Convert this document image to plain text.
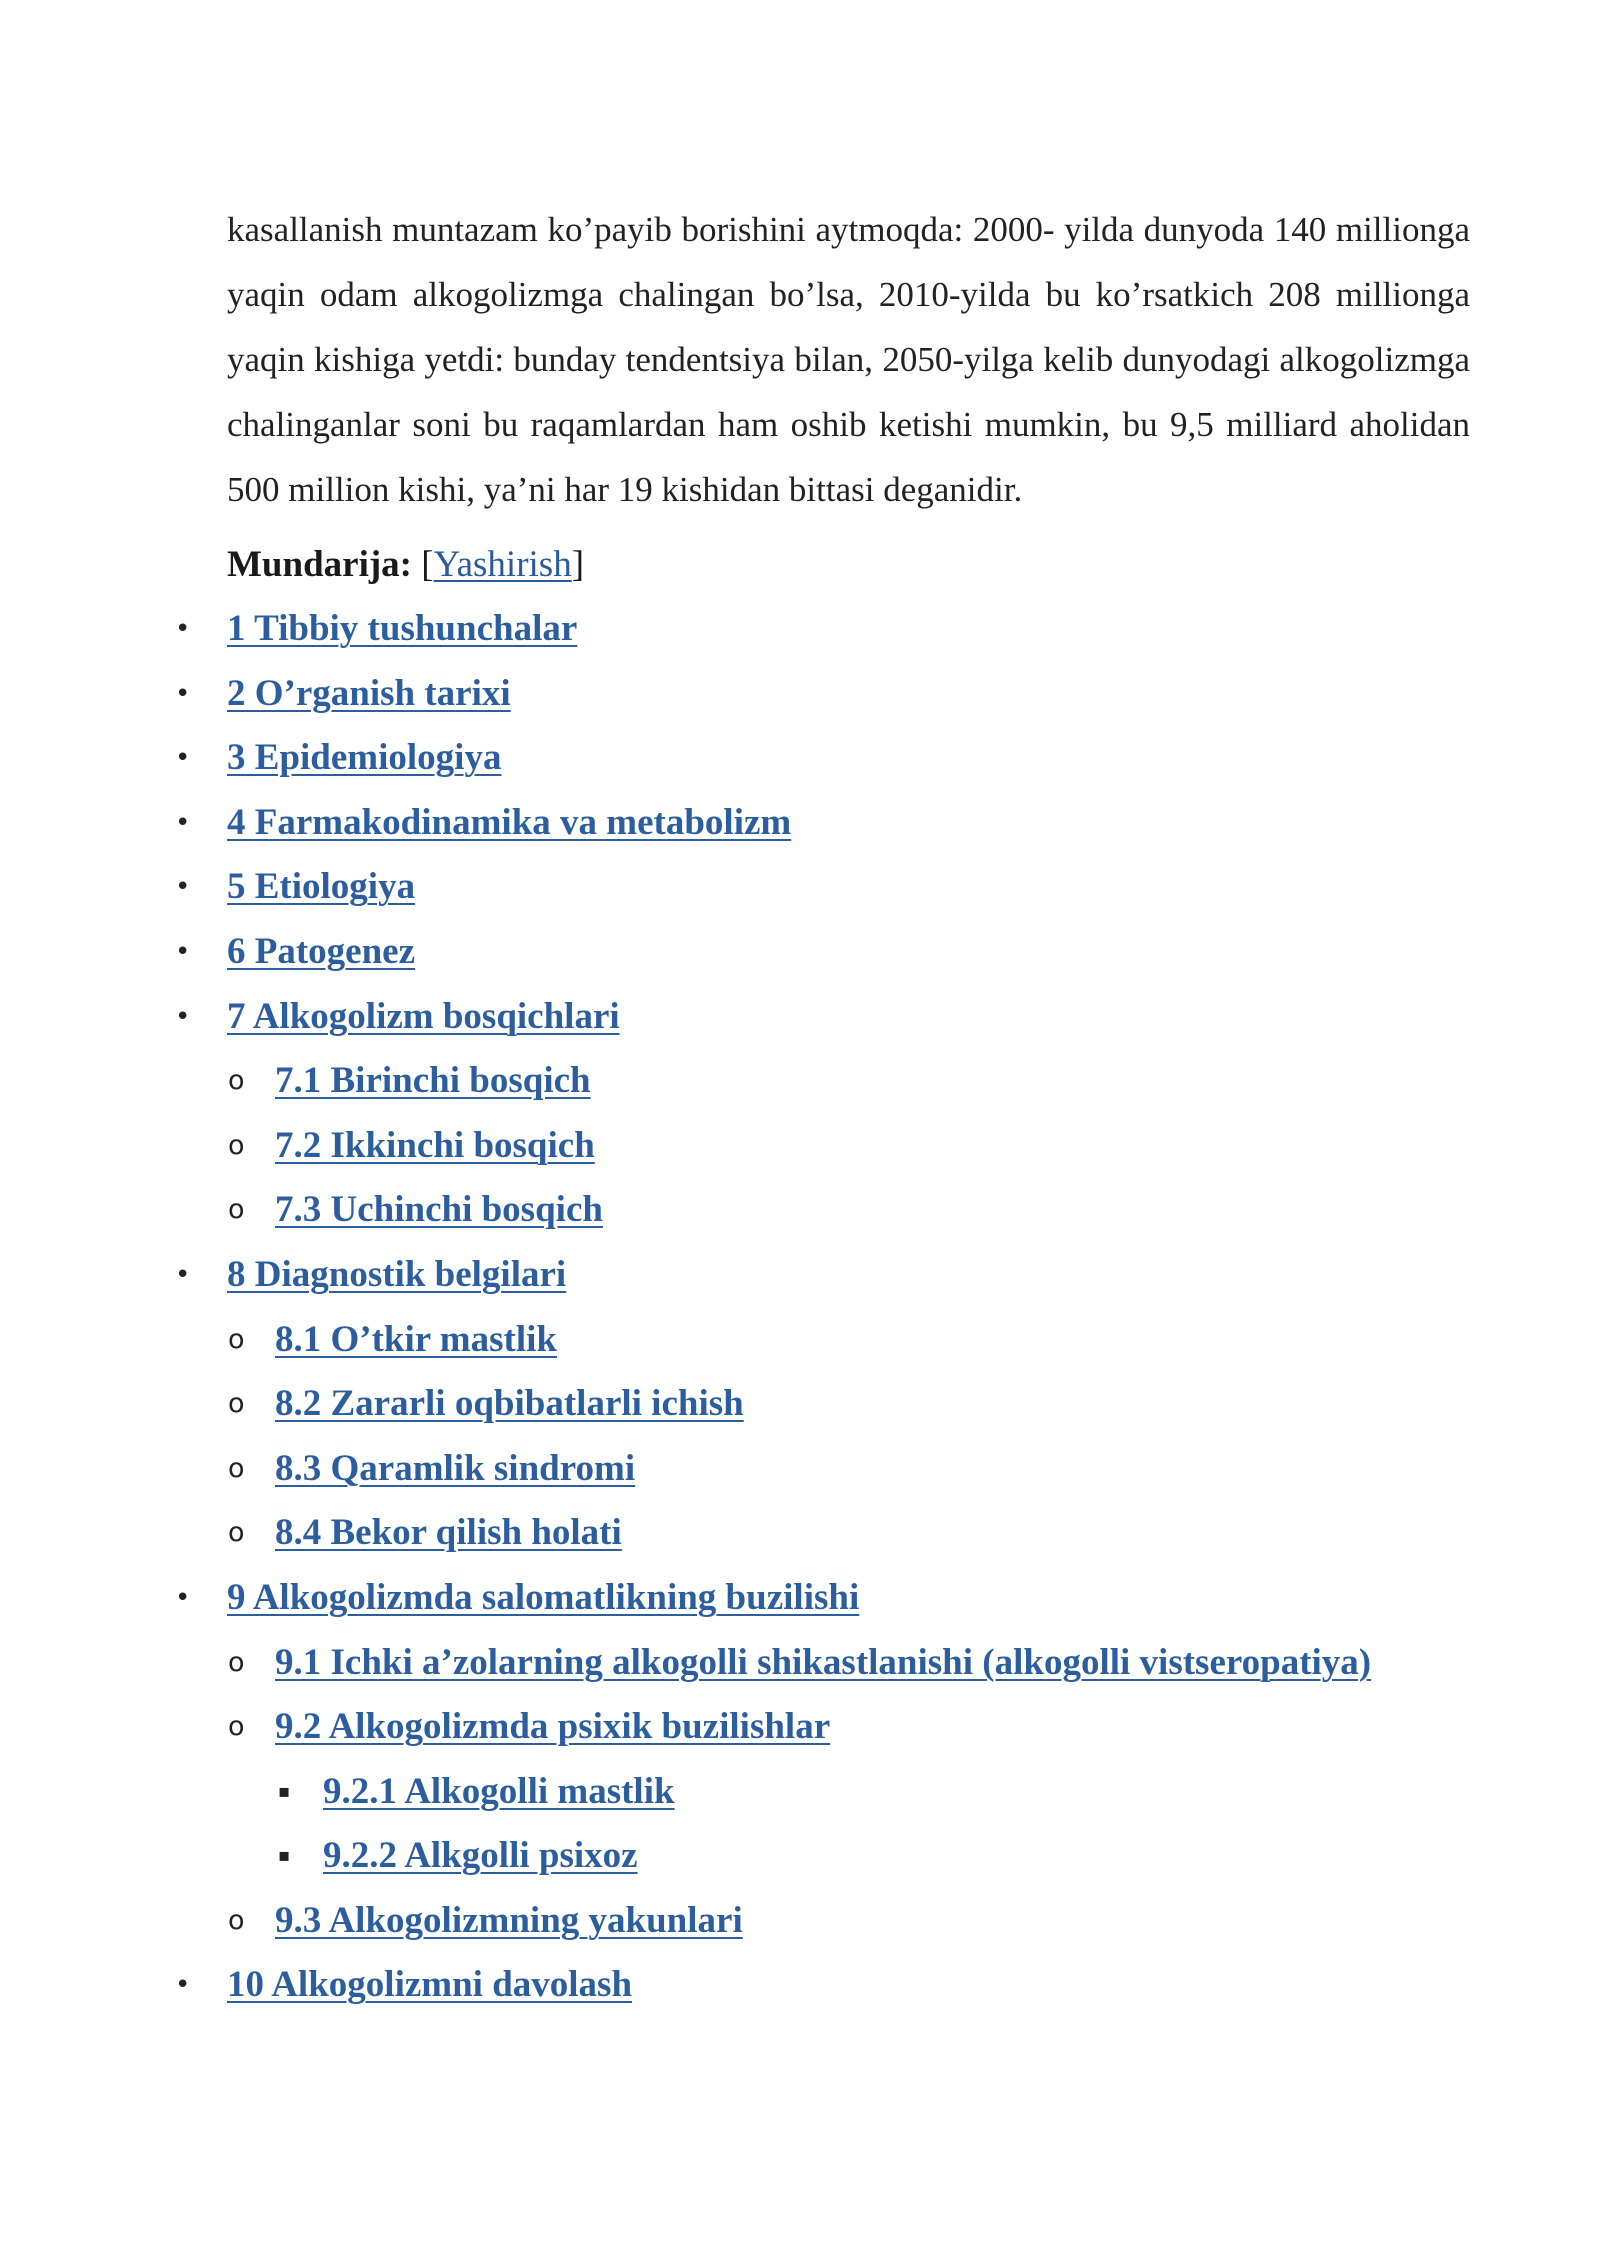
kasallanish muntazam ko’payib borishini aytmoqda: 2000- yilda dunyoda 140 millionga yaqin odam alkogolizmga chalingan bo’lsa, 2010-yilda bu ko’rsatkich 208 millionga yaqin kishiga yetdi: bunday tendentsiya bilan, 2050-yilga kelib dunyodagi alkogolizmga chalinganlar soni bu raqamlardan ham oshib ketishi mumkin, bu 9,5 milliard aholidan 500 million kishi, ya’ni har 19 kishidan bittasi deganidir.

Mundarija: [Yashirish]
• 1 Tibbiy tushunchalar
• 2 O’rganish tarixi
• 3 Epidemiologiya
• 4 Farmakodinamika va metabolizm
• 5 Etiologiya
• 6 Patogenez
• 7 Alkogolizm bosqichlari
o 7.1 Birinchi bosqich
o 7.2 Ikkinchi bosqich
o 7.3 Uchinchi bosqich
• 8 Diagnostik belgilari
o 8.1 O’tkir mastlik
o 8.2 Zararli oqbibatlarli ichish
o 8.3 Qaramlik sindromi
o 8.4 Bekor qilish holati
• 9 Alkogolizmda salomatlikning buzilishi
o 9.1 Ichki a’zolarning alkogolli shikastlanishi (alkogolli vistseropatiya)
o 9.2 Alkogolizmda psixik buzilishlar
▪ 9.2.1 Alkogolli mastlik
▪ 9.2.2 Alkgolli psixoz
o 9.3 Alkogolizmning yakunlari
• 10 Alkogolizmni davolash
